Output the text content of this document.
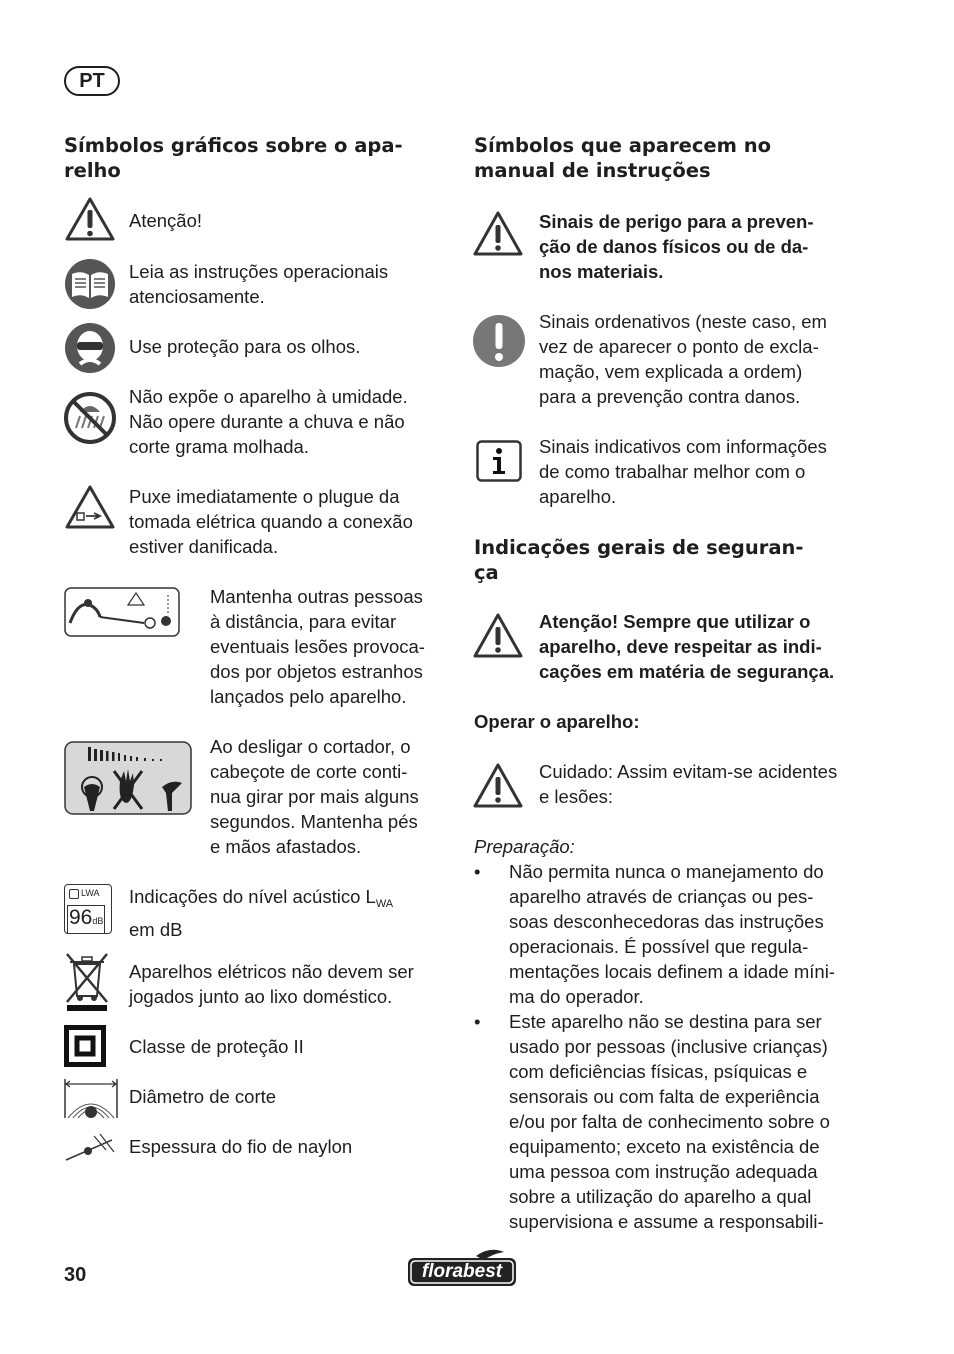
PT
Símbolos gráficos sobre o apa-
relho
Atenção!
Leia as instruções operacionais
atenciosamente.
Use proteção para os olhos.
Não expõe o aparelho à umidade.
Não opere durante a chuva e não
corte grama molhada.
Puxe imediatamente o plugue da
tomada elétrica quando a conexão
estiver danificada.
Mantenha outras pessoas
à distância, para evitar
eventuais lesões provoca-
dos por objetos estranhos
lançados pelo aparelho.
Ao desligar o cortador, o
cabeçote de corte conti-
nua girar por mais alguns
segundos. Mantenha pés
e mãos afastados.
LWA
96dB
Indicações do nível acústico $L_{WA}$
em dB
Aparelhos elétricos não devem ser
jogados junto ao lixo doméstico.
Classe de proteção II
Diâmetro de corte
Espessura do fio de naylon
Símbolos que aparecem no
manual de instruções
Sinais de perigo para a preven-
ção de danos físicos ou de da-
nos materiais.
Sinais ordenativos (neste caso, em
vez de aparecer o ponto de excla-
mação, vem explicada a ordem)
para a prevenção contra danos.
Sinais indicativos com informações
de como trabalhar melhor com o
aparelho.
Indicações gerais de seguran-
ça
Atenção! Sempre que utilizar o
aparelho, deve respeitar as indi-
cações em matéria de segurança.
Operar o aparelho:
Cuidado: Assim evitam-se acidentes
e lesões:
Preparação:
• Não permita nunca o manejamento do
aparelho através de crianças ou pes-
soas desconhecedoras das instruções
operacionais. É possível que regula-
mentações locais definem a idade míni-
ma do operador.
• Este aparelho não se destina para ser
usado por pessoas (inclusive crianças)
com deficiências físicas, psíquicas e
sensorais ou com falta de experiência
e/ou por falta de conhecimento sobre o
equipamento; exceto na existência de
uma pessoa com instrução adequada
sobre a utilização do aparelho a qual
supervisiona e assume a responsabili-
30	florabest
